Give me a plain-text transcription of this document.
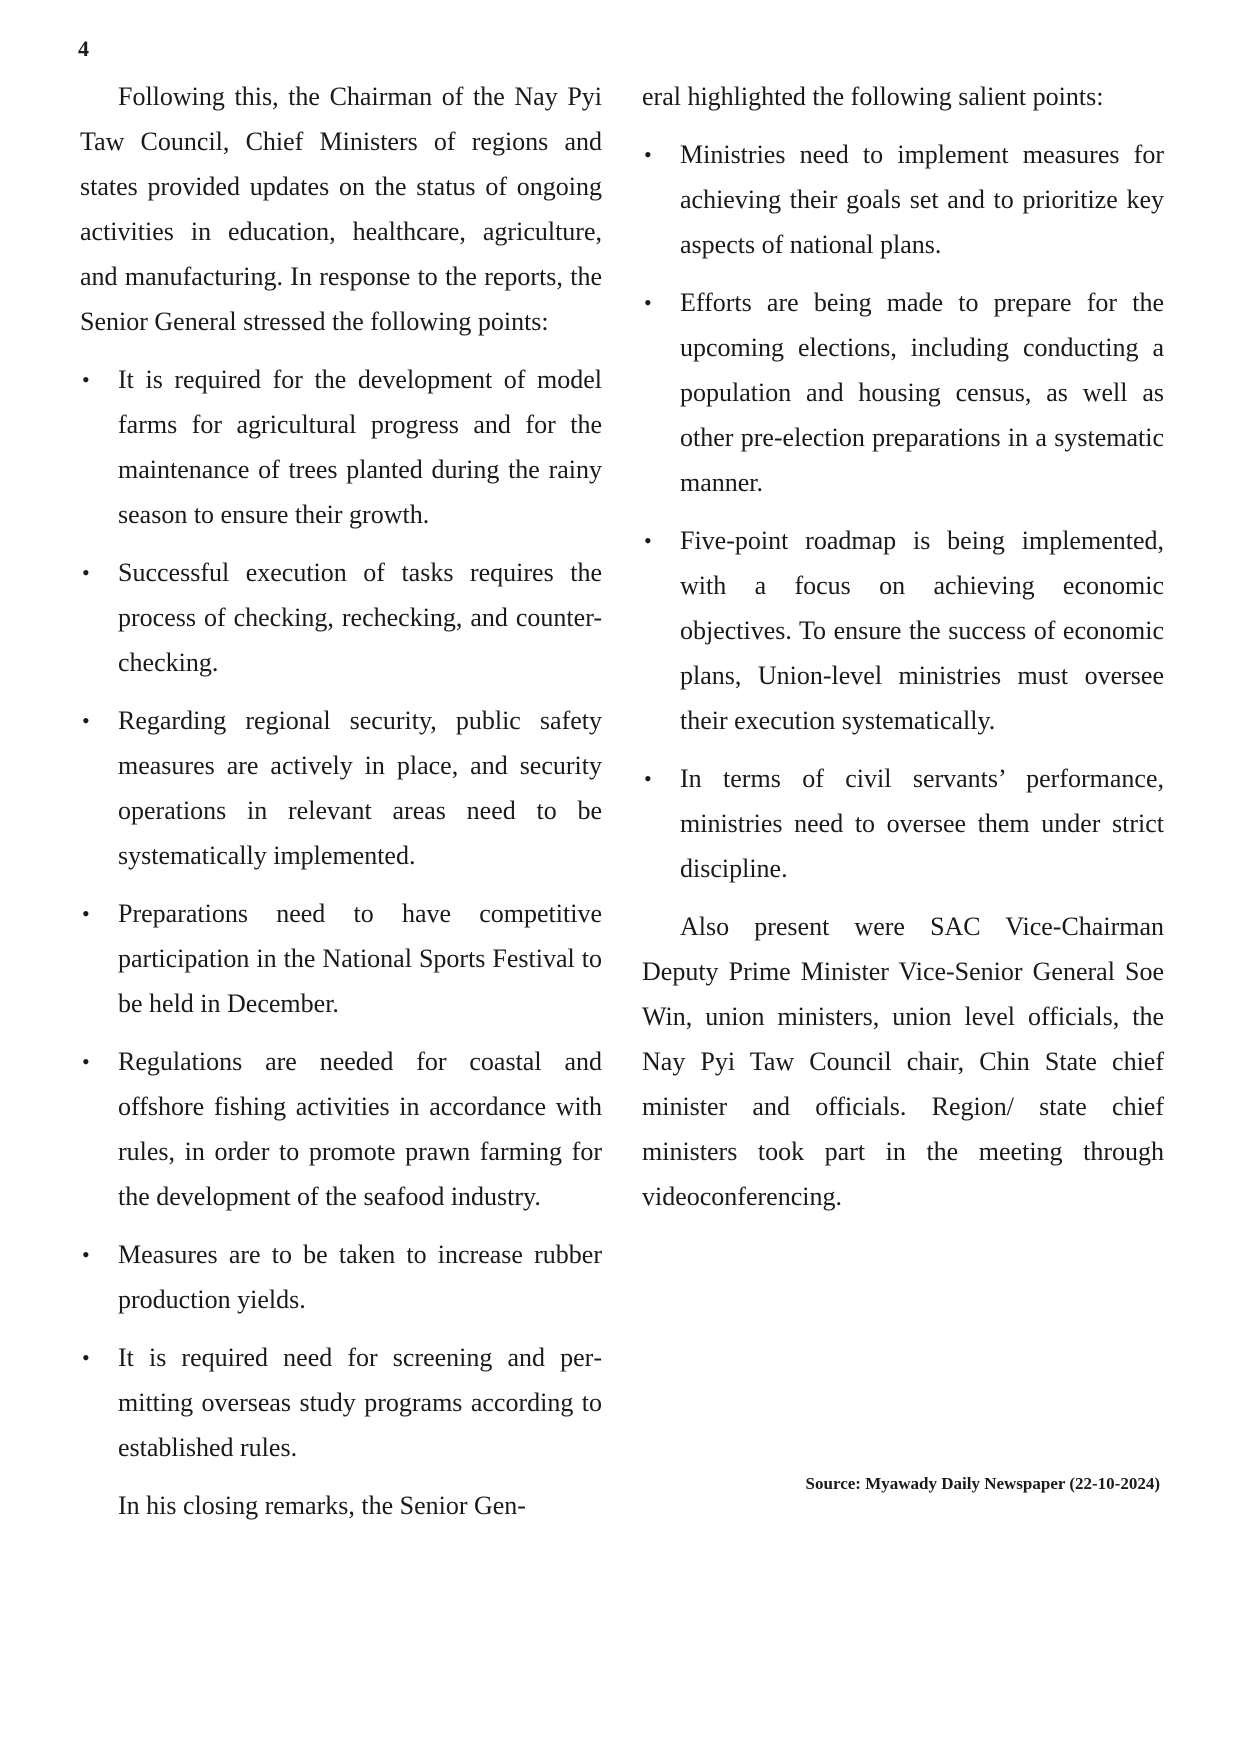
4

Following this, the Chairman of the Nay Pyi Taw Council, Chief Ministers of regions and states provided updates on the status of ongoing activities in education, healthcare, agriculture, and manufacturing. In response to the reports, the Senior General stressed the following points:

• It is required for the development of model farms for agricultural progress and for the maintenance of trees planted during the rainy season to ensure their growth.
• Successful execution of tasks requires the process of checking, rechecking, and counter-checking.
• Regarding regional security, public safety measures are actively in place, and security operations in relevant areas need to be systematically implemented.
• Preparations need to have competitive participation in the National Sports Festival to be held in December.
• Regulations are needed for coastal and offshore fishing activities in accordance with rules, in order to promote prawn farming for the development of the seafood industry.
• Measures are to be taken to increase rubber production yields.
• It is required need for screening and permitting overseas study programs according to established rules.

In his closing remarks, the Senior Gen-

eral highlighted the following salient points:

• Ministries need to implement measures for achieving their goals set and to prioritize key aspects of national plans.
• Efforts are being made to prepare for the upcoming elections, including conducting a population and housing census, as well as other pre-election preparations in a systematic manner.
• Five-point roadmap is being implemented, with a focus on achieving economic objectives. To ensure the success of economic plans, Union-level ministries must oversee their execution systematically.
• In terms of civil servants’ performance, ministries need to oversee them under strict discipline.

Also present were SAC Vice-Chairman Deputy Prime Minister Vice-Senior General Soe Win, union ministers, union level officials, the Nay Pyi Taw Council chair, Chin State chief minister and officials. Region/ state chief ministers took part in the meeting through videoconferencing.

Source: Myawady Daily Newspaper (22-10-2024)
